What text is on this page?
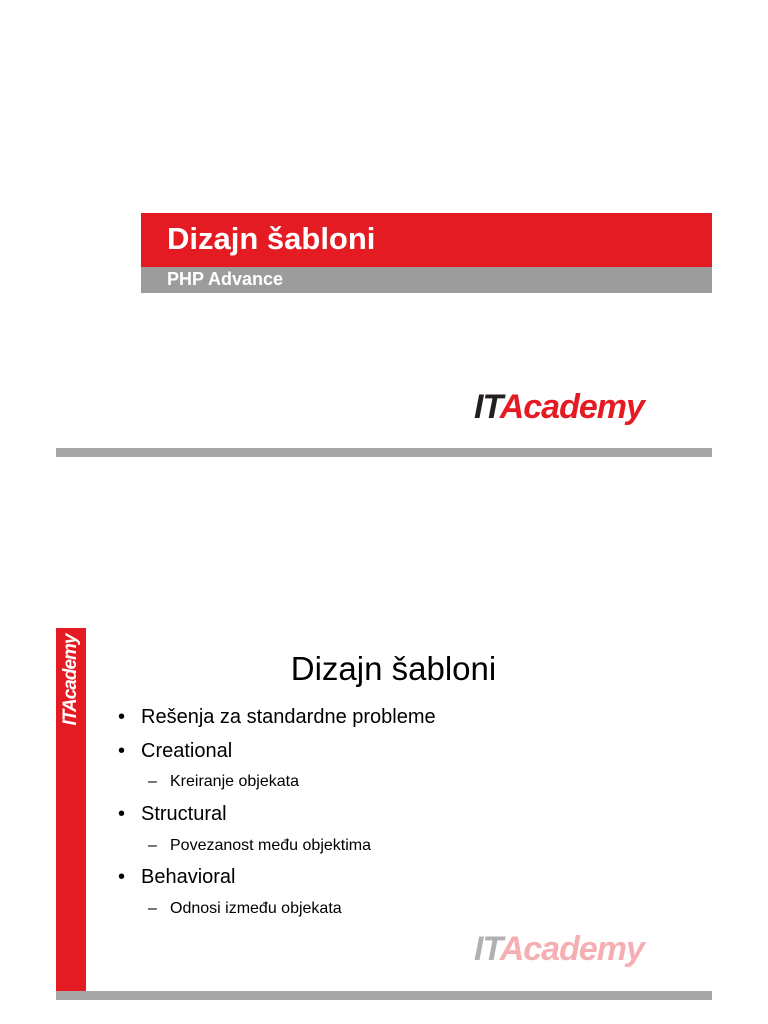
Dizajn šabloni
PHP Advance
ITAcademy
ITAcademy	Dizajn šabloni
• Rešenja za standardne probleme
• Creational
– Kreiranje objekata
• Structural
– Povezanost među objektima
• Behavioral
– Odnosi između objekata
ITAcademy
